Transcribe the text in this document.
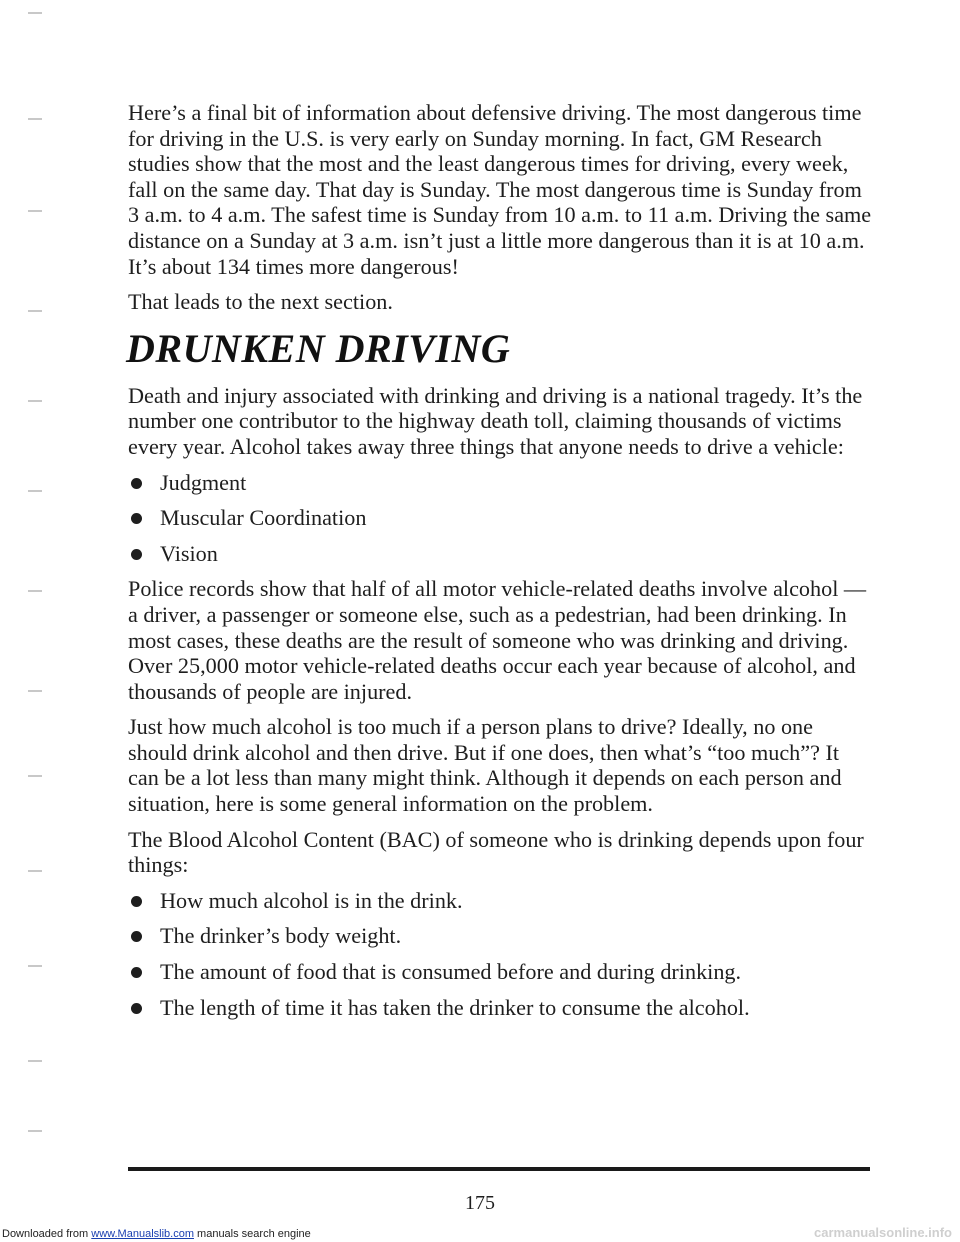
Here’s a final bit of information about defensive driving. The most dangerous time for driving in the U.S. is very early on Sunday morning. In fact, GM Research studies show that the most and the least dangerous times for driving, every week, fall on the same day. That day is Sunday. The most dangerous time is Sunday from 3 a.m. to 4 a.m. The safest time is Sunday from 10 a.m. to 11 a.m. Driving the same distance on a Sunday at 3 a.m. isn’t just a little more dangerous than it is at 10 a.m. It’s about 134 times more dangerous!

That leads to the next section.

DRUNKEN DRIVING

Death and injury associated with drinking and driving is a national tragedy. It’s the number one contributor to the highway death toll, claiming thousands of victims every year. Alcohol takes away three things that anyone needs to drive a vehicle:

Judgment
Muscular Coordination
Vision

Police records show that half of all motor vehicle-related deaths involve alcohol — a driver, a passenger or someone else, such as a pedestrian, had been drinking. In most cases, these deaths are the result of someone who was drinking and driving. Over 25,000 motor vehicle-related deaths occur each year because of alcohol, and thousands of people are injured.

Just how much alcohol is too much if a person plans to drive? Ideally, no one should drink alcohol and then drive. But if one does, then what’s “too much”? It can be a lot less than many might think. Although it depends on each person and situation, here is some general information on the problem.

The Blood Alcohol Content (BAC) of someone who is drinking depends upon four things:

How much alcohol is in the drink.
The drinker’s body weight.
The amount of food that is consumed before and during drinking.
The length of time it has taken the drinker to consume the alcohol.
175
Downloaded from www.Manualslib.com manuals search engine	carmanualsonline.info
